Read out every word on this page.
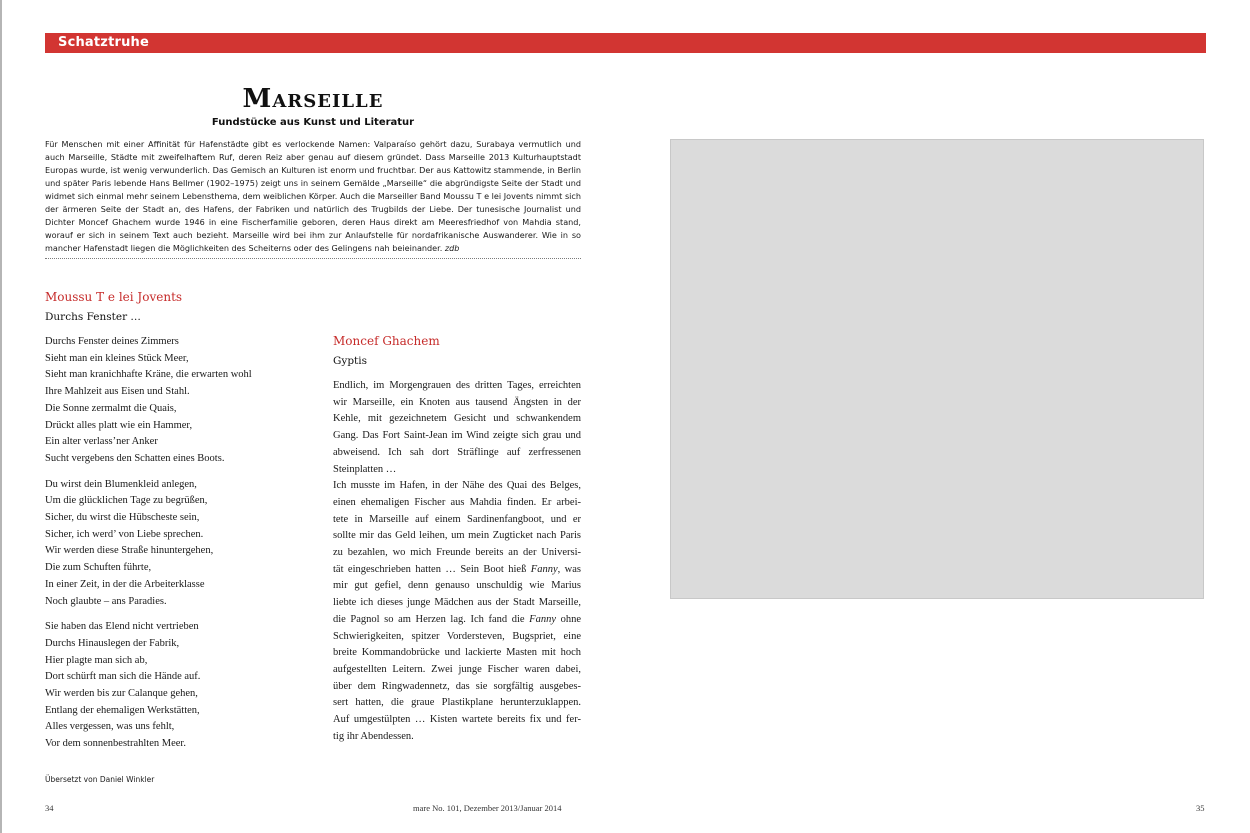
Schatztruhe
Marseille
Fundstücke aus Kunst und Literatur

Für Menschen mit einer Affinität für Hafenstädte gibt es verlockende Namen: Valparaíso gehört dazu, Surabaya vermutlich und auch Marseille, Städte mit zweifelhaftem Ruf, deren Reiz aber genau auf diesem gründet. Dass Marseille 2013 Kulturhauptstadt Europas wurde, ist wenig verwunderlich. Das Gemisch an Kulturen ist enorm und fruchtbar. Der aus Kattowitz stammende, in Berlin und später Paris lebende Hans Bellmer (1902–1975) zeigt uns in seinem Gemälde „Marseille“ die abgründigste Seite der Stadt und widmet sich einmal mehr seinem Lebensthema, dem weiblichen Körper. Auch die Marseiller Band Moussu T e lei Jovents nimmt sich der ärmeren Seite der Stadt an, des Hafens, der Fabriken und natürlich des Trugbilds der Liebe. Der tunesische Journalist und Dichter Moncef Ghachem wurde 1946 in eine Fischerfamilie geboren, deren Haus direkt am Meeresfriedhof von Mahdia stand, worauf er sich in seinem Text auch bezieht. Marseille wird bei ihm zur Anlaufstelle für nordafrikanische Auswanderer. Wie in so mancher Hafenstadt liegen die Möglichkeiten des Scheiterns oder des Gelingens nah beieinander. zdb

Moussu T e lei Jovents

Durchs Fenster …

Durchs Fenster deines Zimmers
Sieht man ein kleines Stück Meer,
Sieht man kranichhafte Kräne, die erwarten wohl
Ihre Mahlzeit aus Eisen und Stahl.
Die Sonne zermalmt die Quais,
Drückt alles platt wie ein Hammer,
Ein alter verlass’ner Anker
Sucht vergebens den Schatten eines Boots.
Du wirst dein Blumenkleid anlegen,
Um die glücklichen Tage zu begrüßen,
Sicher, du wirst die Hübscheste sein,
Sicher, ich werd’ von Liebe sprechen.
Wir werden diese Straße hinuntergehen,
Die zum Schuften führte,
In einer Zeit, in der die Arbeiterklasse
Noch glaubte – ans Paradies.
Sie haben das Elend nicht vertrieben
Durchs Hinauslegen der Fabrik,
Hier plagte man sich ab,
Dort schürft man sich die Hände auf.
Wir werden bis zur Calanque gehen,
Entlang der ehemaligen Werkstätten,
Alles vergessen, was uns fehlt,
Vor dem sonnenbestrahlten Meer.
Übersetzt von Daniel Winkler

Moncef Ghachem

Gyptis

Endlich, im Morgengrauen des dritten Tages, erreichten
wir Marseille, ein Knoten aus tausend Ängsten in der
Kehle, mit gezeichnetem Gesicht und schwankendem
Gang. Das Fort Saint-Jean im Wind zeigte sich grau und
abweisend. Ich sah dort Sträflinge auf zerfressenen
Steinplatten …
Ich musste im Hafen, in der Nähe des Quai des Belges,
einen ehemaligen Fischer aus Mahdia finden. Er arbei-
tete in Marseille auf einem Sardinenfangboot, und er
sollte mir das Geld leihen, um mein Zugticket nach Paris
zu bezahlen, wo mich Freunde bereits an der Universi-
tät eingeschrieben hatten … Sein Boot hieß Fanny, was
mir gut gefiel, denn genauso unschuldig wie Marius
liebte ich dieses junge Mädchen aus der Stadt Marseille,
die Pagnol so am Herzen lag. Ich fand die Fanny ohne
Schwierigkeiten, spitzer Vordersteven, Bugspriet, eine
breite Kommandobrücke und lackierte Masten mit hoch
aufgestellten Leitern. Zwei junge Fischer waren dabei,
über dem Ringwadennetz, das sie sorgfältig ausgebes-
sert hatten, die graue Plastikplane herunterzuklappen.
Auf umgestülpten … Kisten wartete bereits fix und fer-
tig ihr Abendessen.
34	mare No. 101, Dezember 2013/Januar 2014	35
